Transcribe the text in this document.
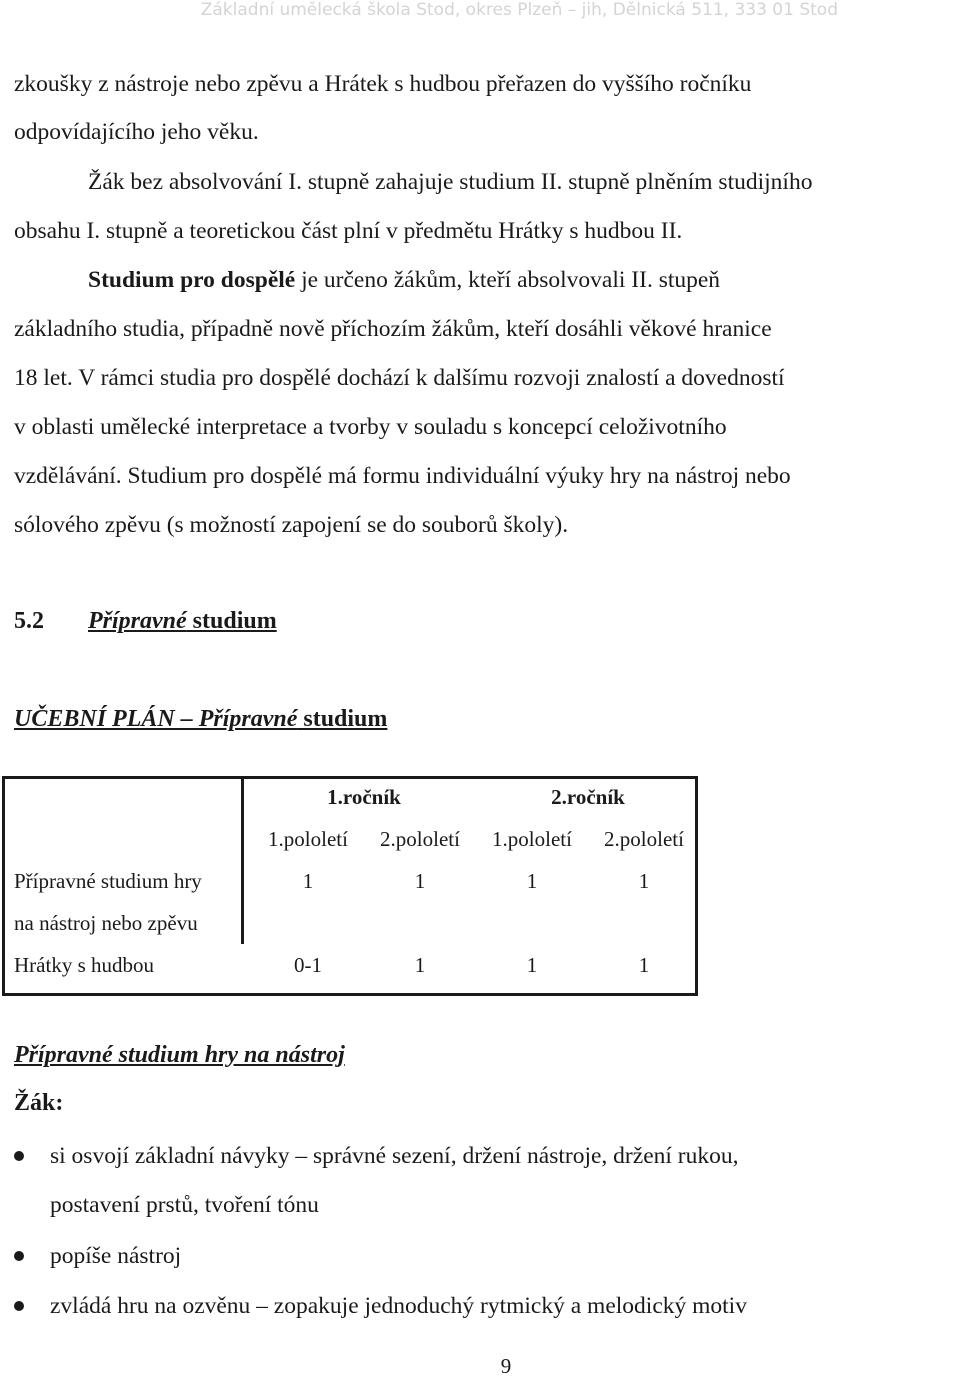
Základní umělecká škola Stod, okres Plzeň – jih, Dělnická 511, 333 01 Stod
zkoušky z nástroje nebo zpěvu a Hrátek s hudbou přeřazen do vyššího ročníku
odpovídajícího jeho věku.
Žák bez absolvování I. stupně zahajuje studium II. stupně plněním studijního
obsahu I. stupně a teoretickou část plní v předmětu Hrátky s hudbou II.
Studium pro dospělé je určeno žákům, kteří absolvovali II. stupeň
základního studia, případně nově příchozím žákům, kteří dosáhli věkové hranice
18 let. V rámci studia pro dospělé dochází k dalšímu rozvoji znalostí a dovedností
v oblasti umělecké interpretace a tvorby v souladu s koncepcí celoživotního
vzdělávání. Studium pro dospělé má formu individuální výuky hry na nástroj nebo
sólového zpěvu (s možností zapojení se do souborů školy).
5.2 Přípravné studium
UČEBNÍ PLÁN – Přípravné studium
	1.ročník		2.ročník	
	1.pololetí	2.pololetí	1.pololetí	2.pololetí
Přípravné studium hry	1	1	1	1
na nástroj nebo zpěvu				
Hrátky s hudbou	0-1	1	1	1
Přípravné studium hry na nástroj
Žák:
si osvojí základní návyky – správné sezení, držení nástroje, držení rukou,
postavení prstů, tvoření tónu
popíše nástroj
zvládá hru na ozvěnu – zopakuje jednoduchý rytmický a melodický motiv
9
